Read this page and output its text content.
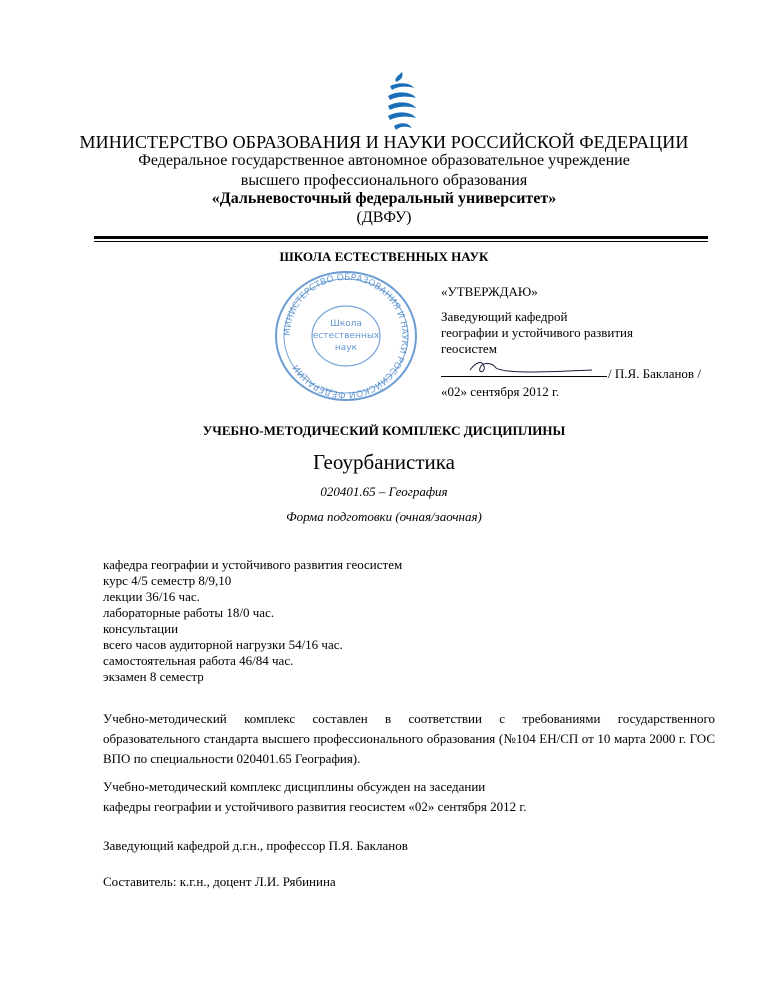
МИНИСТЕРСТВО ОБРАЗОВАНИЯ И НАУКИ РОССИЙСКОЙ ФЕДЕРАЦИИ
Федеральное государственное автономное образовательное учреждение
высшего профессионального образования
«Дальневосточный федеральный университет»
(ДВФУ)
ШКОЛА ЕСТЕСТВЕННЫХ НАУК
МИНИСТЕРСТВО ОБРАЗОВАНИЯ И НАУКИ РОССИЙСКОЙ ФЕДЕРАЦИИ
Школа
естественных
наук
«УТВЕРЖДАЮ»
Заведующий кафедрой
географии и устойчивого развития
геосистем
/ П.Я. Бакланов /
«02» сентября 2012 г.
УЧЕБНО-МЕТОДИЧЕСКИЙ КОМПЛЕКС ДИСЦИПЛИНЫ
Геоурбанистика
020401.65 – География
Форма подготовки (очная/заочная)
кафедра географии и устойчивого развития геосистем
курс 4/5 семестр 8/9,10
лекции 36/16 час.
лабораторные работы 18/0 час.
консультации
всего часов аудиторной нагрузки 54/16 час.
самостоятельная работа 46/84 час.
экзамен 8 семестр
Учебно-методический комплекс составлен в соответствии с требованиями государственного образовательного стандарта высшего профессионального образования (№104 ЕН/СП от 10 марта 2000 г. ГОС ВПО по специальности 020401.65 География).
Учебно-методический комплекс дисциплины обсужден на заседании
кафедры географии и устойчивого развития геосистем «02» сентября 2012 г.
Заведующий кафедрой д.г.н., профессор П.Я. Бакланов
Составитель: к.г.н., доцент Л.И. Рябинина
